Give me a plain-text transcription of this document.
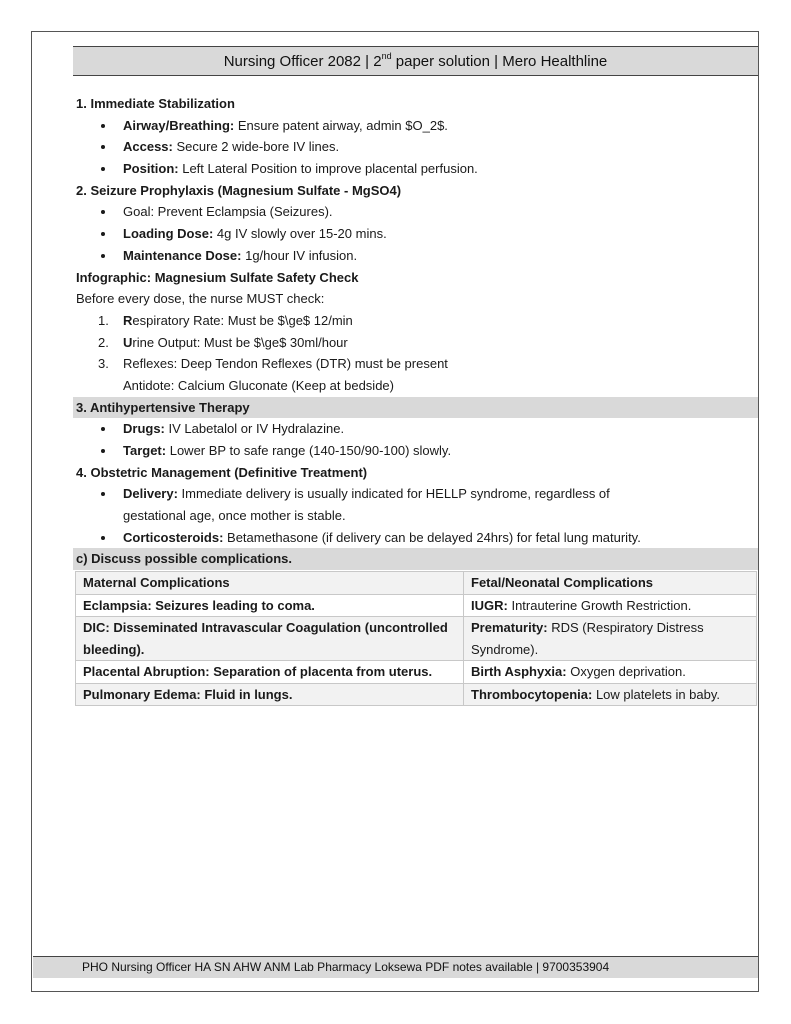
Nursing Officer 2082 | 2nd paper solution | Mero Healthline
1. Immediate Stabilization
Airway/Breathing: Ensure patent airway, admin $O_2$.
Access: Secure 2 wide-bore IV lines.
Position: Left Lateral Position to improve placental perfusion.
2. Seizure Prophylaxis (Magnesium Sulfate - MgSO4)
Goal: Prevent Eclampsia (Seizures).
Loading Dose: 4g IV slowly over 15-20 mins.
Maintenance Dose: 1g/hour IV infusion.
Infographic: Magnesium Sulfate Safety Check
Before every dose, the nurse MUST check:
1. Respiratory Rate: Must be $\ge$ 12/min
2. Urine Output: Must be $\ge$ 30ml/hour
3. Reflexes: Deep Tendon Reflexes (DTR) must be present
Antidote: Calcium Gluconate (Keep at bedside)
3. Antihypertensive Therapy
Drugs: IV Labetalol or IV Hydralazine.
Target: Lower BP to safe range (140-150/90-100) slowly.
4. Obstetric Management (Definitive Treatment)
Delivery: Immediate delivery is usually indicated for HELLP syndrome, regardless of
gestational age, once mother is stable.
Corticosteroids: Betamethasone (if delivery can be delayed 24hrs) for fetal lung maturity.
c) Discuss possible complications.
Maternal Complications	Fetal/Neonatal Complications
Eclampsia: Seizures leading to coma.	IUGR: Intrauterine Growth Restriction.
DIC: Disseminated Intravascular Coagulation (uncontrolled bleeding).	Prematurity: RDS (Respiratory Distress Syndrome).
Placental Abruption: Separation of placenta from uterus.	Birth Asphyxia: Oxygen deprivation.
Pulmonary Edema: Fluid in lungs.	Thrombocytopenia: Low platelets in baby.
PHO Nursing Officer HA SN AHW ANM Lab Pharmacy Loksewa PDF notes available | 9700353904
